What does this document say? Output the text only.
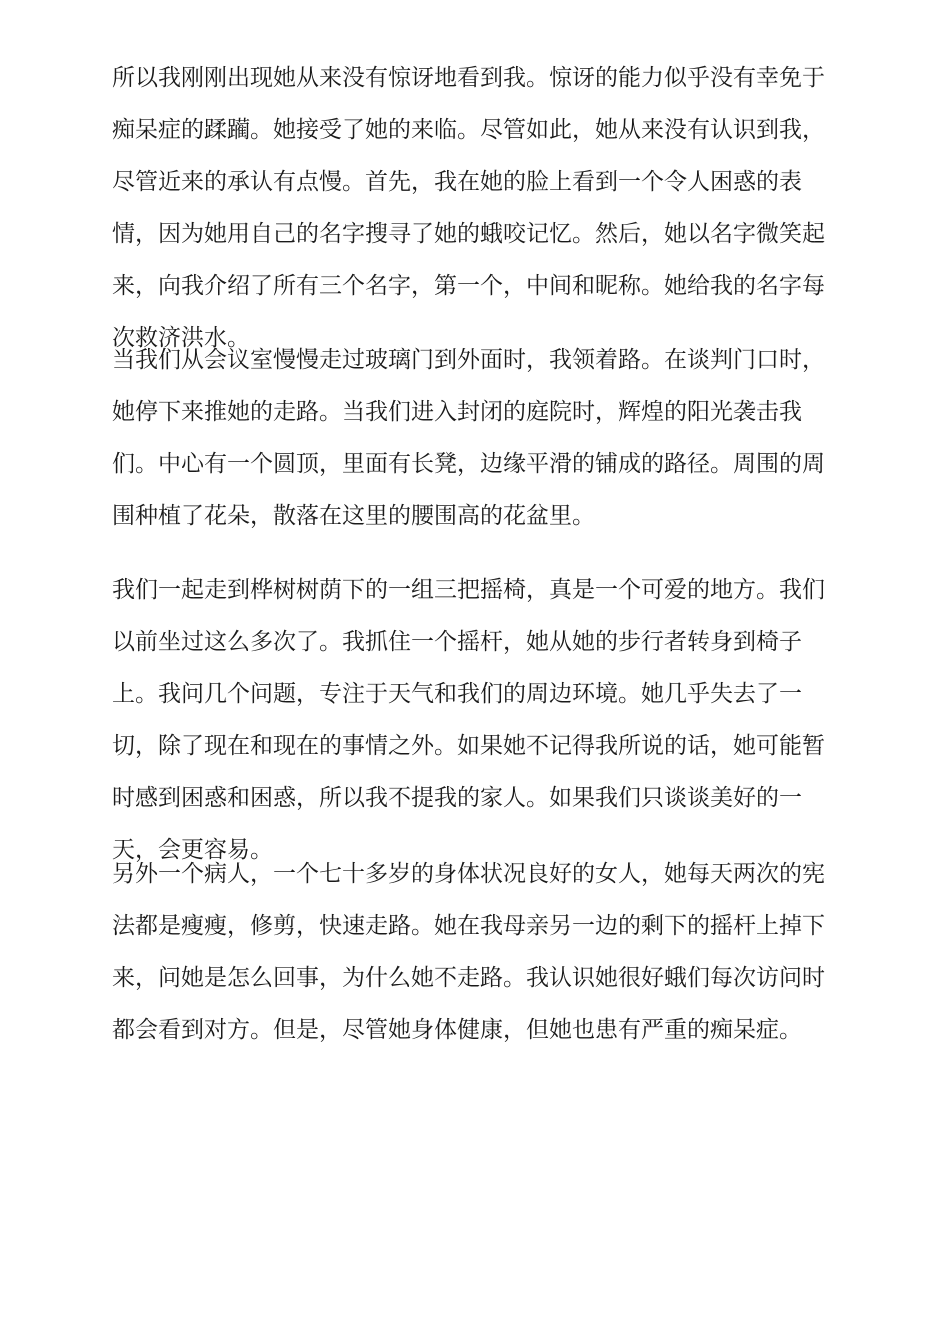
所以我刚刚出现她从来没有惊讶地看到我。惊讶的能力似乎没有幸免于痴呆症的蹂躏。她接受了她的来临。尽管如此，她从来没有认识到我，尽管近来的承认有点慢。首先，我在她的脸上看到一个令人困惑的表情，因为她用自己的名字搜寻了她的蛾咬记忆。然后，她以名字微笑起来，向我介绍了所有三个名字，第一个，中间和昵称。她给我的名字每次救济洪水。

当我们从会议室慢慢走过玻璃门到外面时，我领着路。在谈判门口时，她停下来推她的走路。当我们进入封闭的庭院时，辉煌的阳光袭击我们。中心有一个圆顶，里面有长凳，边缘平滑的铺成的路径。周围的周围种植了花朵，散落在这里的腰围高的花盆里。

我们一起走到桦树树荫下的一组三把摇椅，真是一个可爱的地方。我们以前坐过这么多次了。我抓住一个摇杆，她从她的步行者转身到椅子上。我问几个问题，专注于天气和我们的周边环境。她几乎失去了一切，除了现在和现在的事情之外。如果她不记得我所说的话，她可能暂时感到困惑和困惑，所以我不提我的家人。如果我们只谈谈美好的一天，会更容易。

另外一个病人，一个七十多岁的身体状况良好的女人，她每天两次的宪法都是瘦瘦，修剪，快速走路。她在我母亲另一边的剩下的摇杆上掉下来，问她是怎么回事，为什么她不走路。我认识她很好蛾们每次访问时都会看到对方。但是，尽管她身体健康，但她也患有严重的痴呆症。
